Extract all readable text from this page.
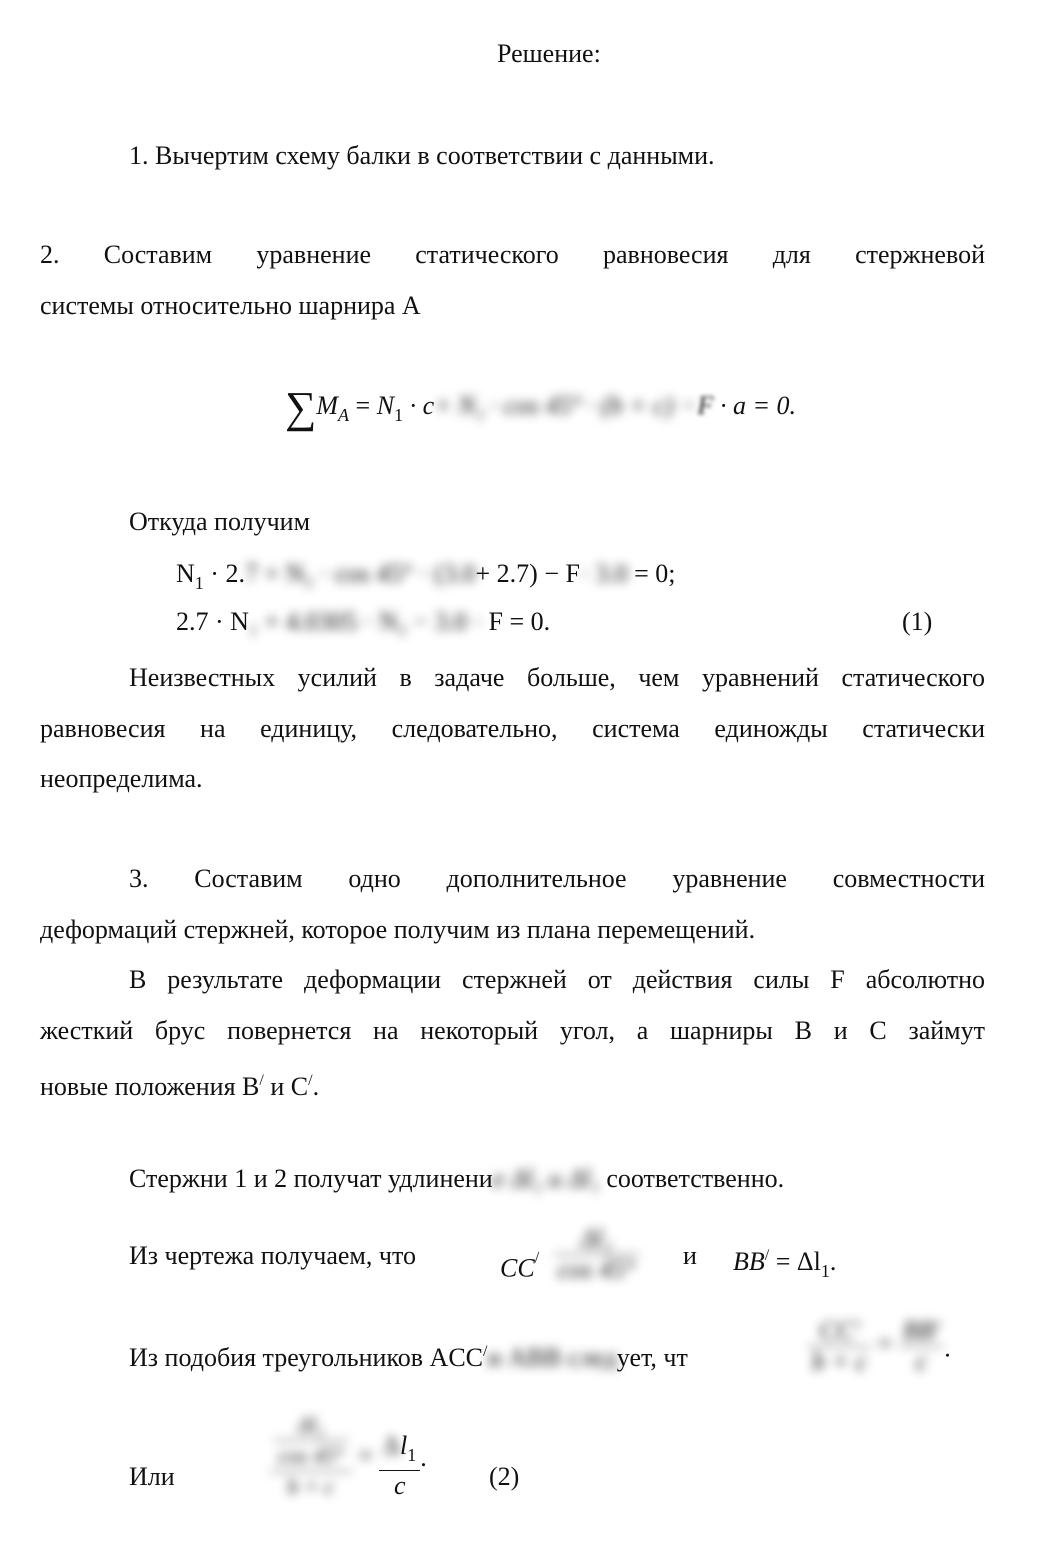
Решение:
1. Вычертим схему балки в соответствии с данными.
2. Составим уравнение статического равновесия для стержневой
системы относительно шарнира А
$\sum M_A = N_1 \cdot c+ N_2 \cdot \cos 45^\circ \cdot (b + c) -F \cdot a = 0$.
Откуда получим
$N_1 \cdot 2.7 + N_2 \cdot \cos 45^\circ \cdot (3.0+ 2.7) - F\cdot 3.0 = 0$;
2.7 · N₁ + 4.0305 · N₂ − 3.0 · F = 0.	(1)
Неизвестных усилий в задаче больше, чем уравнений статического
равновесия на единицу, следовательно, система единожды статически
неопределима.
3. Составим одно дополнительное уравнение совместности
деформаций стержней, которое получим из плана перемещений.
В результате деформации стержней от действия силы F абсолютно
жесткий брус повернется на некоторый угол, а шарниры B и C займут
новые положения B/ и C/.
Стержни 1 и 2 получат удлинение Δl₂ и Δl₁ соответственно.
Из чертежа получаем, что	$CC/ \frac{\text{Δl₂}}{\cos 45^\circ}$ и $BB^/ = \Delta l_1$.
Из подобия треугольников ACC/и ABB следует, чт	$\frac{CC'}{b + c} = \frac{BB'}{c}$ .
Или	$\frac{\frac{\text{Δl₂}}{\cos 45^\circ}}{b + c} = \frac{\Delta l_1}{c}$ .
(2)
